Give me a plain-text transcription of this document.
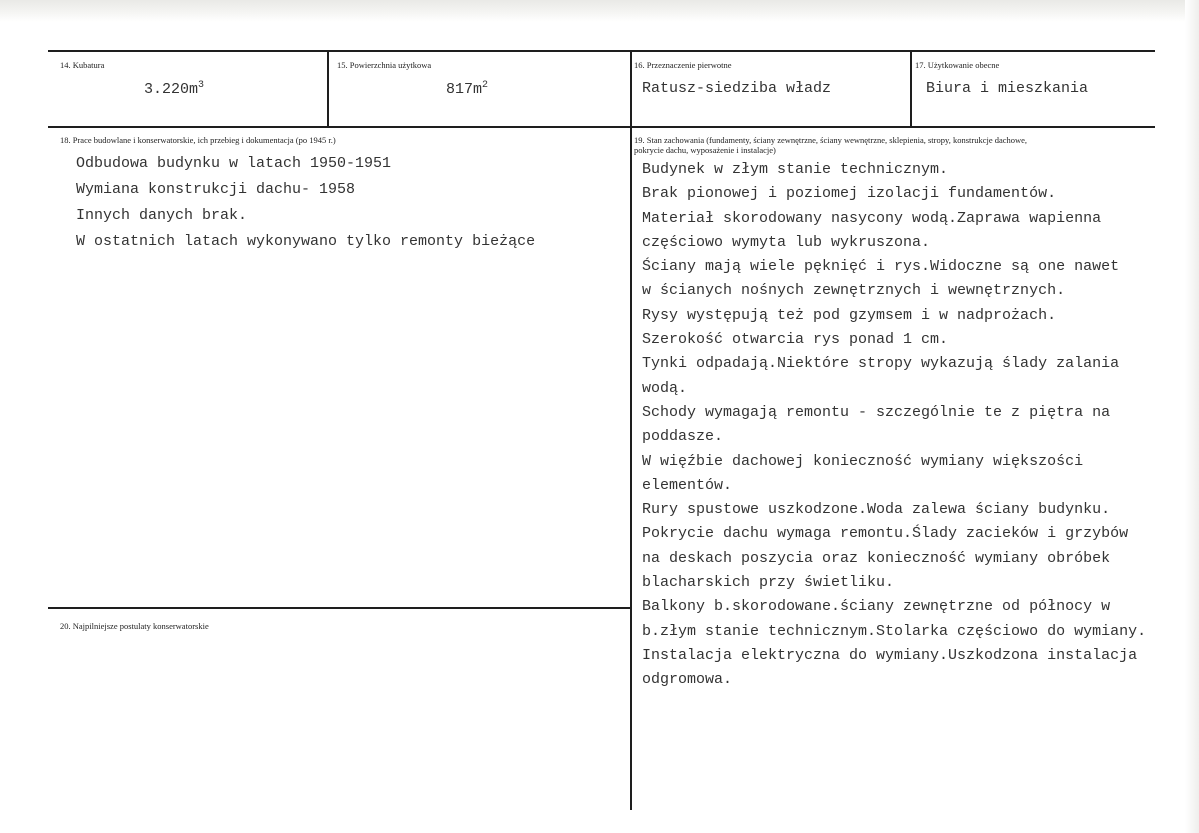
14. Kubatura
$3.220m^3$
15. Powierzchnia użytkowa
$817m^2$
16. Przeznaczenie pierwotne
Ratusz-siedziba władz
17. Użytkowanie obecne
Biura i mieszkania
18. Prace budowlane i konserwatorskie, ich przebieg i dokumentacja (po 1945 r.)
Odbudowa budynku w latach 1950-1951
Wymiana konstrukcji dachu- 1958
Innych danych brak.
W ostatnich latach wykonywano tylko remonty bieżące
19. Stan zachowania (fundamenty, ściany zewnętrzne, ściany wewnętrzne, sklepienia, stropy, konstrukcje dachowe,
pokrycie dachu, wyposażenie i instalacje)
Budynek w złym stanie technicznym.
Brak pionowej i poziomej izolacji fundamentów.
Materiał skorodowany nasycony wodą.Zaprawa wapienna
częściowo wymyta lub wykruszona.
Ściany mają wiele pęknięć i rys.Widoczne są one nawet
w ścianych nośnych zewnętrznych i wewnętrznych.
Rysy występują też pod gzymsem i w nadprożach.
Szerokość otwarcia rys ponad 1 cm.
Tynki odpadają.Niektóre stropy wykazują ślady zalania
wodą.
Schody wymagają remontu - szczególnie te z piętra na
poddasze.
W więźbie dachowej konieczność wymiany większości
elementów.
Rury spustowe uszkodzone.Woda zalewa ściany budynku.
Pokrycie dachu wymaga remontu.Ślady zacieków i grzybów
na deskach poszycia oraz konieczność wymiany obróbek
blacharskich przy świetliku.
Balkony b.skorodowane.ściany zewnętrzne od północy w
b.złym stanie technicznym.Stolarka częściowo do wymiany.
Instalacja elektryczna do wymiany.Uszkodzona instalacja
odgromowa.
20. Najpilniejsze postulaty konserwatorskie
